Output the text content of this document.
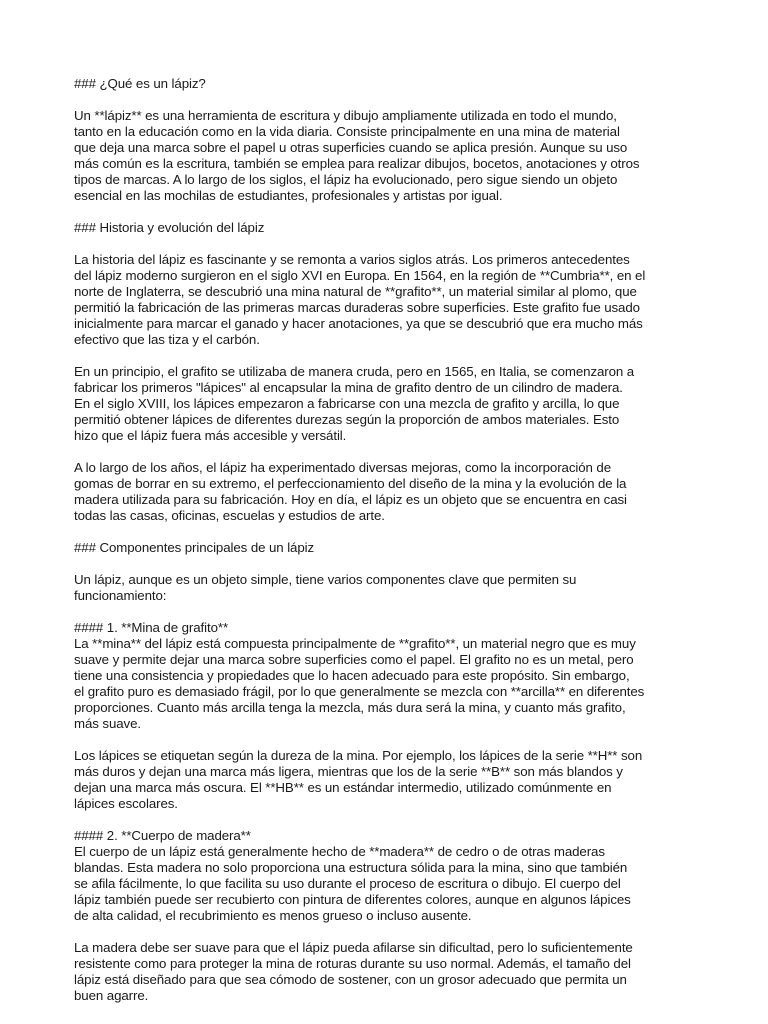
### ¿Qué es un lápiz?
Un **lápiz** es una herramienta de escritura y dibujo ampliamente utilizada en todo el mundo,
tanto en la educación como en la vida diaria. Consiste principalmente en una mina de material
que deja una marca sobre el papel u otras superficies cuando se aplica presión. Aunque su uso
más común es la escritura, también se emplea para realizar dibujos, bocetos, anotaciones y otros
tipos de marcas. A lo largo de los siglos, el lápiz ha evolucionado, pero sigue siendo un objeto
esencial en las mochilas de estudiantes, profesionales y artistas por igual.
### Historia y evolución del lápiz
La historia del lápiz es fascinante y se remonta a varios siglos atrás. Los primeros antecedentes
del lápiz moderno surgieron en el siglo XVI en Europa. En 1564, en la región de **Cumbria**, en el
norte de Inglaterra, se descubrió una mina natural de **grafito**, un material similar al plomo, que
permitió la fabricación de las primeras marcas duraderas sobre superficies. Este grafito fue usado
inicialmente para marcar el ganado y hacer anotaciones, ya que se descubrió que era mucho más
efectivo que las tiza y el carbón.
En un principio, el grafito se utilizaba de manera cruda, pero en 1565, en Italia, se comenzaron a
fabricar los primeros "lápices" al encapsular la mina de grafito dentro de un cilindro de madera.
En el siglo XVIII, los lápices empezaron a fabricarse con una mezcla de grafito y arcilla, lo que
permitió obtener lápices de diferentes durezas según la proporción de ambos materiales. Esto
hizo que el lápiz fuera más accesible y versátil.
A lo largo de los años, el lápiz ha experimentado diversas mejoras, como la incorporación de
gomas de borrar en su extremo, el perfeccionamiento del diseño de la mina y la evolución de la
madera utilizada para su fabricación. Hoy en día, el lápiz es un objeto que se encuentra en casi
todas las casas, oficinas, escuelas y estudios de arte.
### Componentes principales de un lápiz
Un lápiz, aunque es un objeto simple, tiene varios componentes clave que permiten su
funcionamiento:
#### 1. **Mina de grafito**
La **mina** del lápiz está compuesta principalmente de **grafito**, un material negro que es muy
suave y permite dejar una marca sobre superficies como el papel. El grafito no es un metal, pero
tiene una consistencia y propiedades que lo hacen adecuado para este propósito. Sin embargo,
el grafito puro es demasiado frágil, por lo que generalmente se mezcla con **arcilla** en diferentes
proporciones. Cuanto más arcilla tenga la mezcla, más dura será la mina, y cuanto más grafito,
más suave.
Los lápices se etiquetan según la dureza de la mina. Por ejemplo, los lápices de la serie **H** son
más duros y dejan una marca más ligera, mientras que los de la serie **B** son más blandos y
dejan una marca más oscura. El **HB** es un estándar intermedio, utilizado comúnmente en
lápices escolares.
#### 2. **Cuerpo de madera**
El cuerpo de un lápiz está generalmente hecho de **madera** de cedro o de otras maderas
blandas. Esta madera no solo proporciona una estructura sólida para la mina, sino que también
se afila fácilmente, lo que facilita su uso durante el proceso de escritura o dibujo. El cuerpo del
lápiz también puede ser recubierto con pintura de diferentes colores, aunque en algunos lápices
de alta calidad, el recubrimiento es menos grueso o incluso ausente.
La madera debe ser suave para que el lápiz pueda afilarse sin dificultad, pero lo suficientemente
resistente como para proteger la mina de roturas durante su uso normal. Además, el tamaño del
lápiz está diseñado para que sea cómodo de sostener, con un grosor adecuado que permita un
buen agarre.
